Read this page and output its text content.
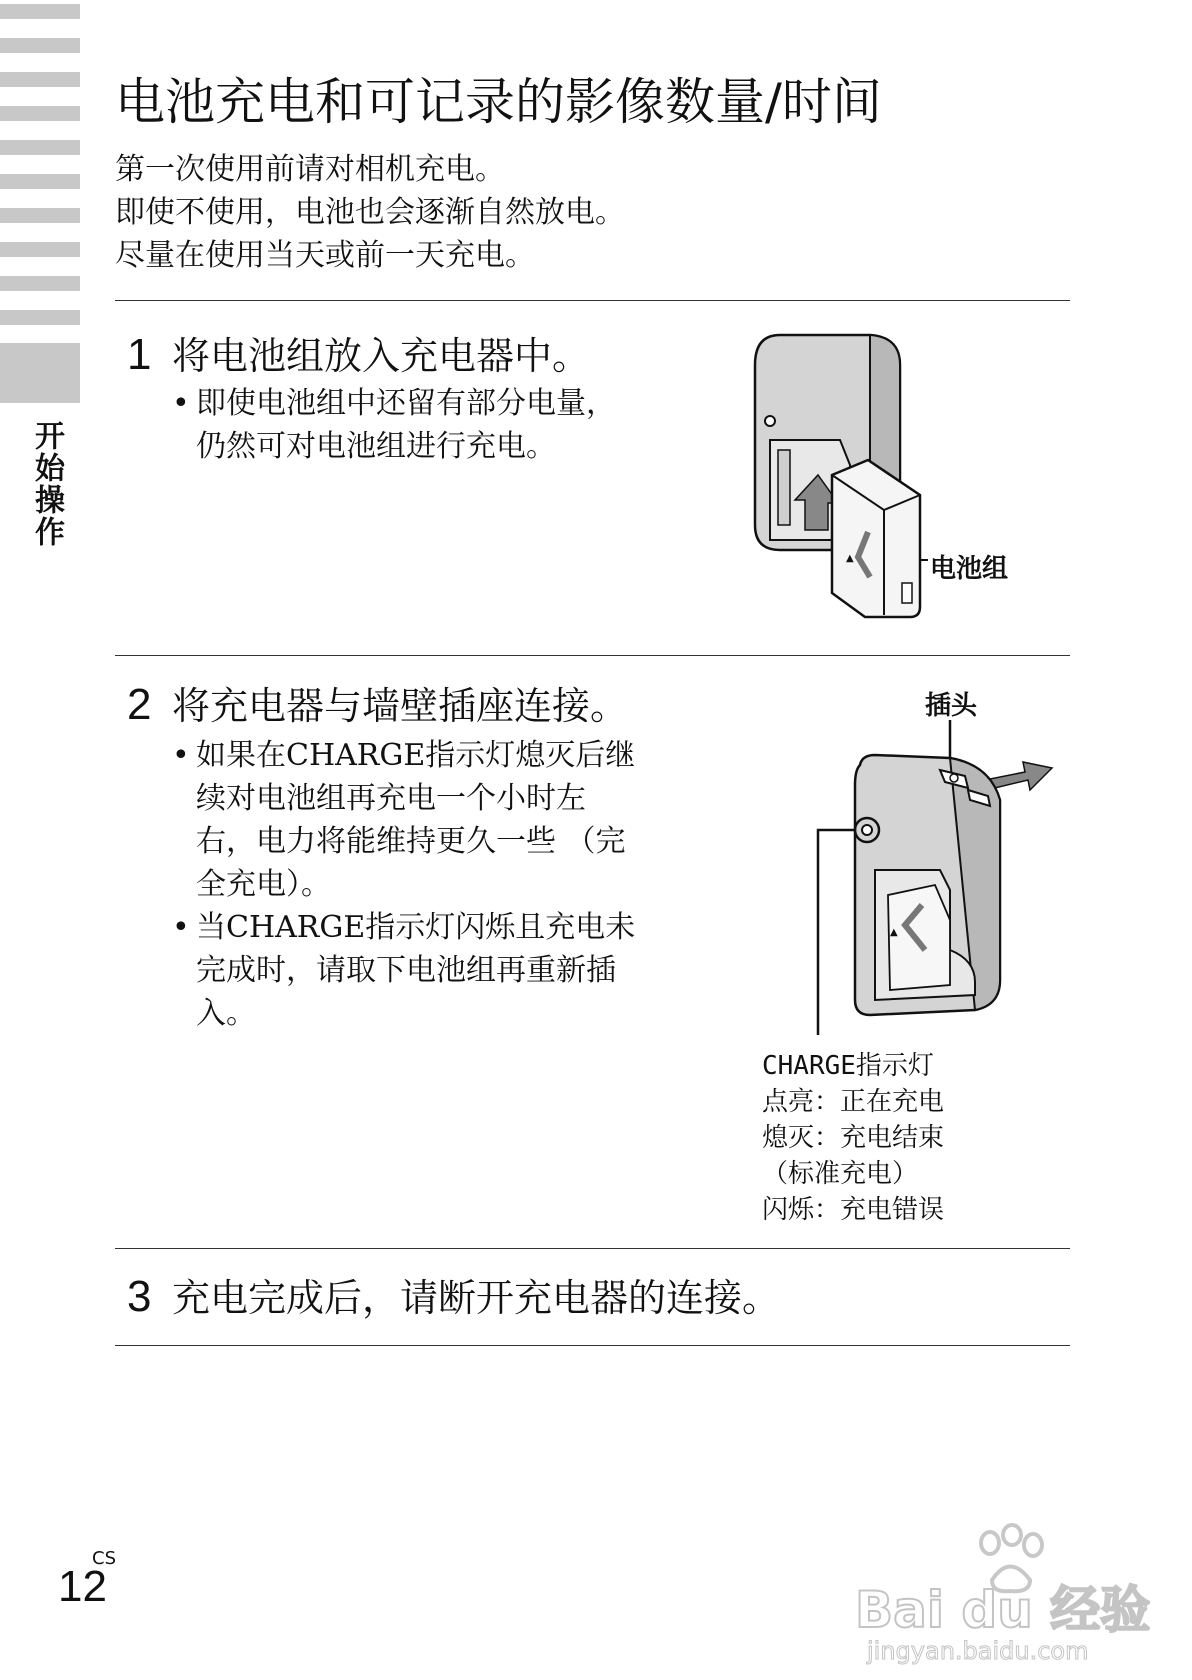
开始操作
电池充电和可记录的影像数量/时间
第一次使用前请对相机充电。
即使不使用，电池也会逐渐自然放电。
尽量在使用当天或前一天充电。
1 将电池组放入充电器中。
• 即使电池组中还留有部分电量，
仍然可对电池组进行充电。
▲	电池组
2 将充电器与墙壁插座连接。
• 如果在CHARGE指示灯熄灭后继
续对电池组再充电一个小时左
右，电力将能维持更久一些 （完
全充电）。
• 当CHARGE指示灯闪烁且充电未
完成时，请取下电池组再重新插
入。
插头
▲
CHARGE指示灯
点亮：正在充电
熄灭：充电结束
（标准充电）
闪烁：充电错误
3 充电完成后，请断开充电器的连接。
CS
12	Bai du 经验
jingyan.baidu.com
